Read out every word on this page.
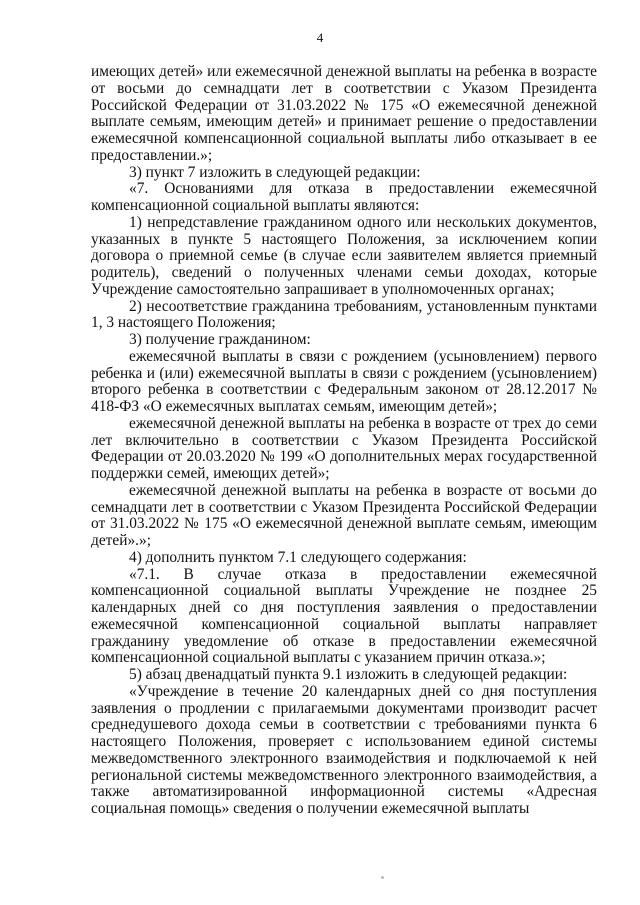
4

имеющих детей» или ежемесячной денежной выплаты на ребенка в возрасте от восьми до семнадцати лет в соответствии с Указом Президента Российской Федерации от 31.03.2022 № 175 «О ежемесячной денежной выплате семьям, имеющим детей» и принимает решение о предоставлении ежемесячной компенсационной социальной выплаты либо отказывает в ее предоставлении.»;

3) пункт 7 изложить в следующей редакции:

«7. Основаниями для отказа в предоставлении ежемесячной компенсационной социальной выплаты являются:

1) непредставление гражданином одного или нескольких документов, указанных в пункте 5 настоящего Положения, за исключением копии договора о приемной семье (в случае если заявителем является приемный родитель), сведений о полученных членами семьи доходах, которые Учреждение самостоятельно запрашивает в уполномоченных органах;

2) несоответствие гражданина требованиям, установленным пунктами 1, 3 настоящего Положения;

3) получение гражданином:

ежемесячной выплаты в связи с рождением (усыновлением) первого ребенка и (или) ежемесячной выплаты в связи с рождением (усыновлением) второго ребенка в соответствии с Федеральным законом от 28.12.2017 № 418-ФЗ «О ежемесячных выплатах семьям, имеющим детей»;

ежемесячной денежной выплаты на ребенка в возрасте от трех до семи лет включительно в соответствии с Указом Президента Российской Федерации от 20.03.2020 № 199 «О дополнительных мерах государственной поддержки семей, имеющих детей»;

ежемесячной денежной выплаты на ребенка в возрасте от восьми до семнадцати лет в соответствии с Указом Президента Российской Федерации от 31.03.2022 № 175 «О ежемесячной денежной выплате семьям, имеющим детей».»;

4) дополнить пунктом 7.1 следующего содержания:

«7.1. В случае отказа в предоставлении ежемесячной компенсационной социальной выплаты Учреждение не позднее 25 календарных дней со дня поступления заявления о предоставлении ежемесячной компенсационной социальной выплаты направляет гражданину уведомление об отказе в предоставлении ежемесячной компенсационной социальной выплаты с указанием причин отказа.»;

5) абзац двенадцатый пункта 9.1 изложить в следующей редакции:

«Учреждение в течение 20 календарных дней со дня поступления заявления о продлении с прилагаемыми документами производит расчет среднедушевого дохода семьи в соответствии с требованиями пункта 6 настоящего Положения, проверяет с использованием единой системы межведомственного электронного взаимодействия и подключаемой к ней региональной системы межведомственного электронного взаимодействия, а также автоматизированной информационной системы «Адресная социальная помощь» сведения о получении ежемесячной выплаты
